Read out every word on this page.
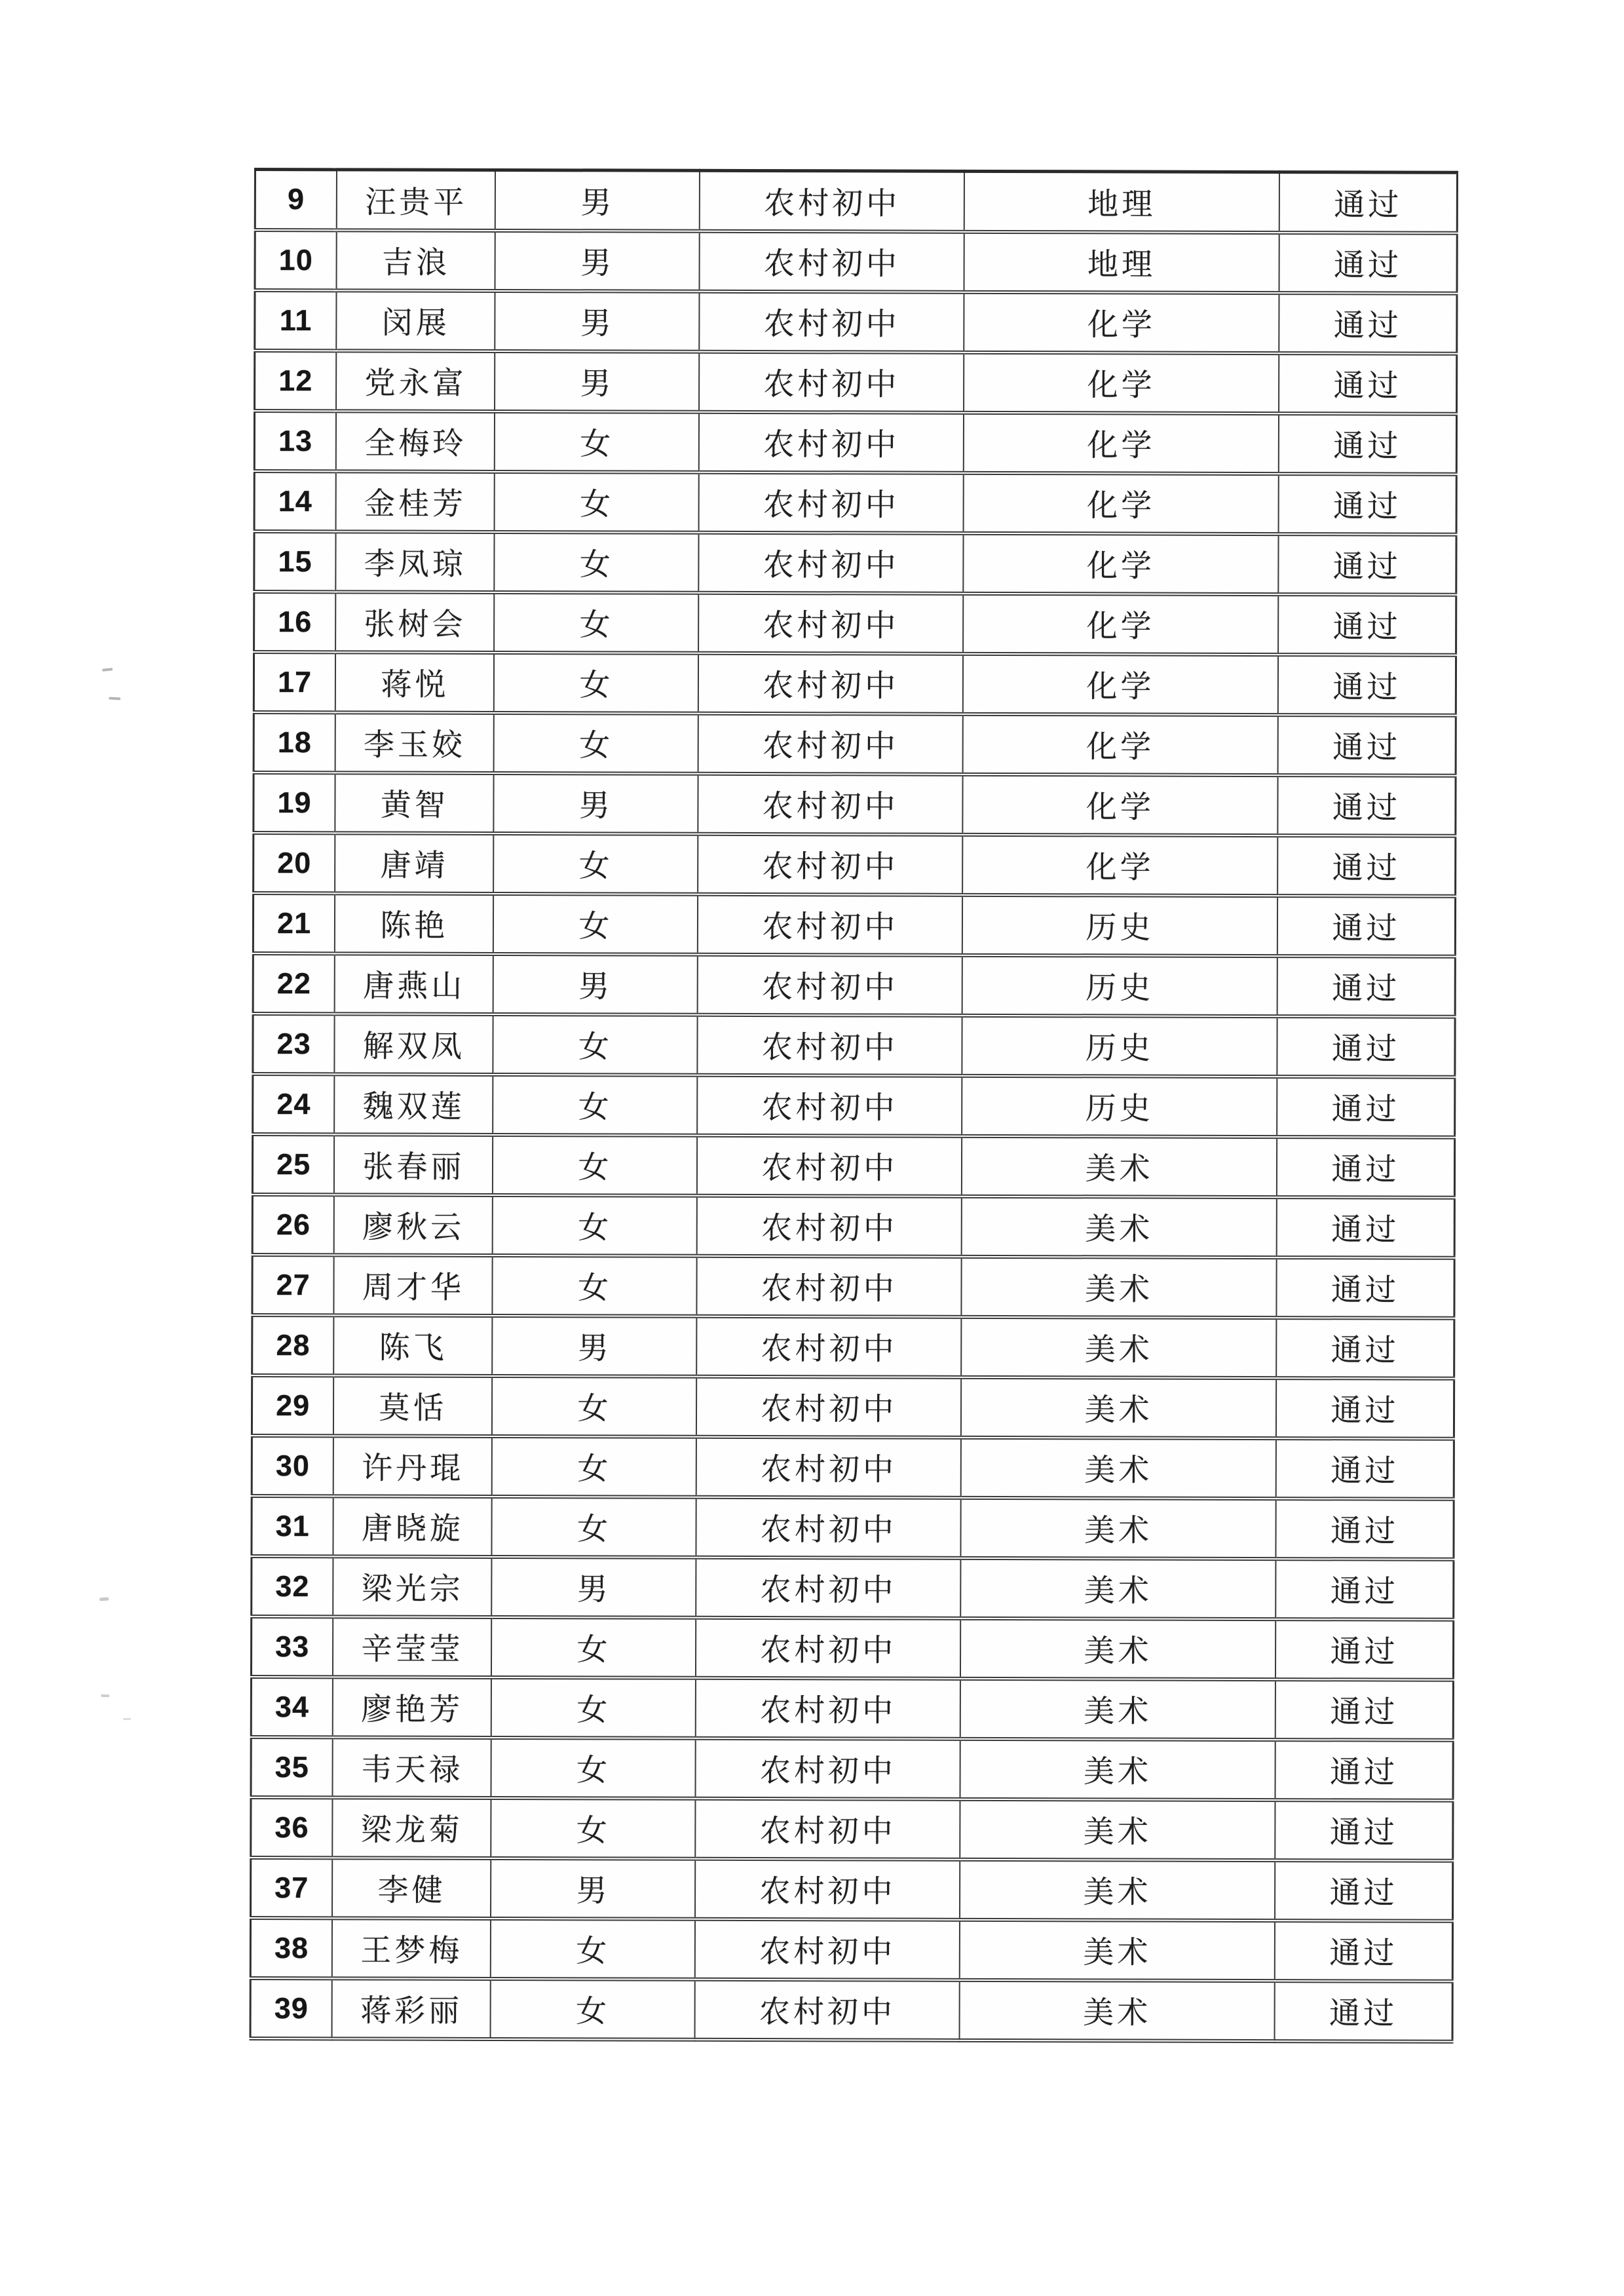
9	汪贵平	男	农村初中	地理	通过
10	吉浪	男	农村初中	地理	通过
11	闵展	男	农村初中	化学	通过
12	党永富	男	农村初中	化学	通过
13	全梅玲	女	农村初中	化学	通过
14	金桂芳	女	农村初中	化学	通过
15	李凤琼	女	农村初中	化学	通过
16	张树会	女	农村初中	化学	通过
17	蒋悦	女	农村初中	化学	通过
18	李玉姣	女	农村初中	化学	通过
19	黄智	男	农村初中	化学	通过
20	唐靖	女	农村初中	化学	通过
21	陈艳	女	农村初中	历史	通过
22	唐燕山	男	农村初中	历史	通过
23	解双凤	女	农村初中	历史	通过
24	魏双莲	女	农村初中	历史	通过
25	张春丽	女	农村初中	美术	通过
26	廖秋云	女	农村初中	美术	通过
27	周才华	女	农村初中	美术	通过
28	陈飞	男	农村初中	美术	通过
29	莫恬	女	农村初中	美术	通过
30	许丹琨	女	农村初中	美术	通过
31	唐晓旋	女	农村初中	美术	通过
32	梁光宗	男	农村初中	美术	通过
33	辛莹莹	女	农村初中	美术	通过
34	廖艳芳	女	农村初中	美术	通过
35	韦天禄	女	农村初中	美术	通过
36	梁龙菊	女	农村初中	美术	通过
37	李健	男	农村初中	美术	通过
38	王梦梅	女	农村初中	美术	通过
39	蒋彩丽	女	农村初中	美术	通过
